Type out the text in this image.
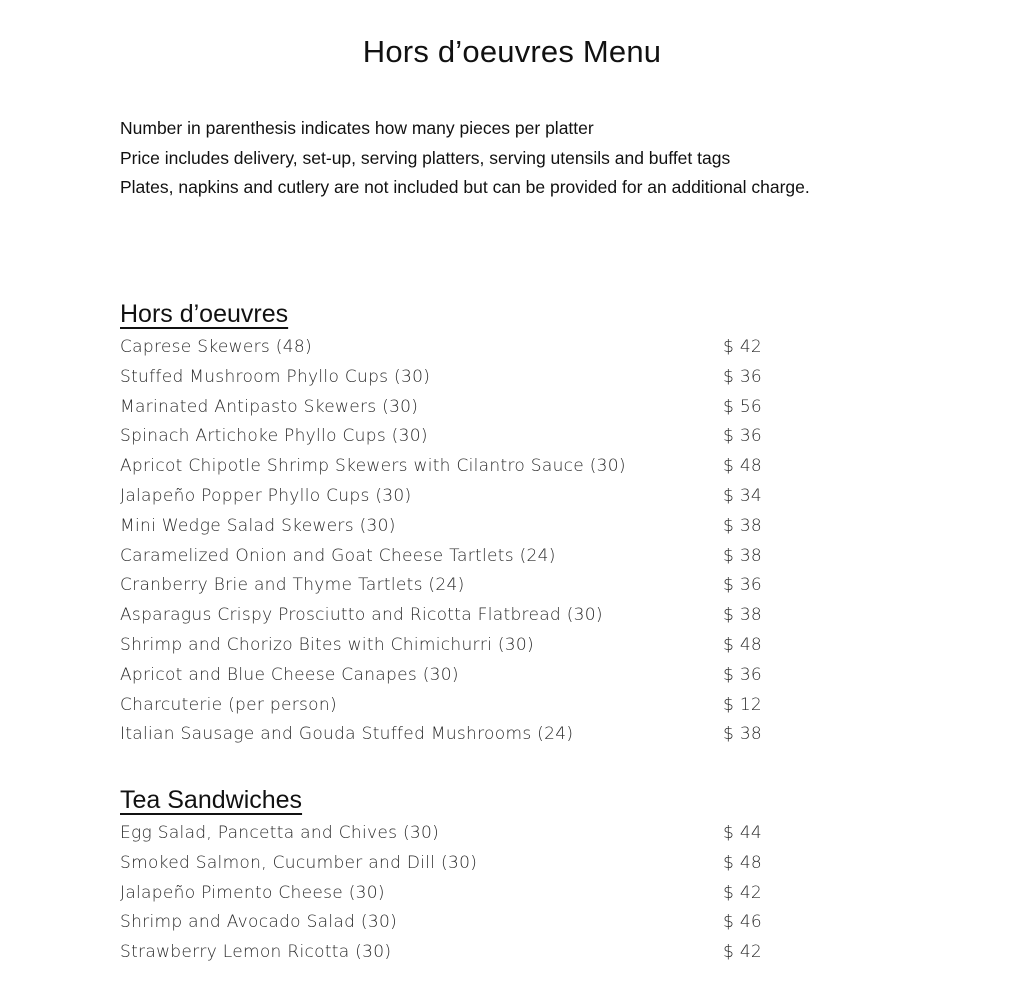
Hors d’oeuvres Menu

Number in parenthesis indicates how many pieces per platter

Price includes delivery, set-up, serving platters, serving utensils and buffet tags

Plates, napkins and cutlery are not included but can be provided for an additional charge.

Hors d’oeuvres
Caprese Skewers (48)	$ 42
Stuffed Mushroom Phyllo Cups (30)	$ 36
Marinated Antipasto Skewers (30)	$ 56
Spinach Artichoke Phyllo Cups (30)	$ 36
Apricot Chipotle Shrimp Skewers with Cilantro Sauce (30)	$ 48
Jalapeño Popper Phyllo Cups (30)	$ 34
Mini Wedge Salad Skewers (30)	$ 38
Caramelized Onion and Goat Cheese Tartlets (24)	$ 38
Cranberry Brie and Thyme Tartlets (24)	$ 36
Asparagus Crispy Prosciutto and Ricotta Flatbread (30)	$ 38
Shrimp and Chorizo Bites with Chimichurri (30)	$ 48
Apricot and Blue Cheese Canapes (30)	$ 36
Charcuterie (per person)	$ 12
Italian Sausage and Gouda Stuffed Mushrooms (24)	$ 38
Tea Sandwiches
Egg Salad, Pancetta and Chives (30)	$ 44
Smoked Salmon, Cucumber and Dill (30)	$ 48
Jalapeño Pimento Cheese (30)	$ 42
Shrimp and Avocado Salad (30)	$ 46
Strawberry Lemon Ricotta (30)	$ 42
